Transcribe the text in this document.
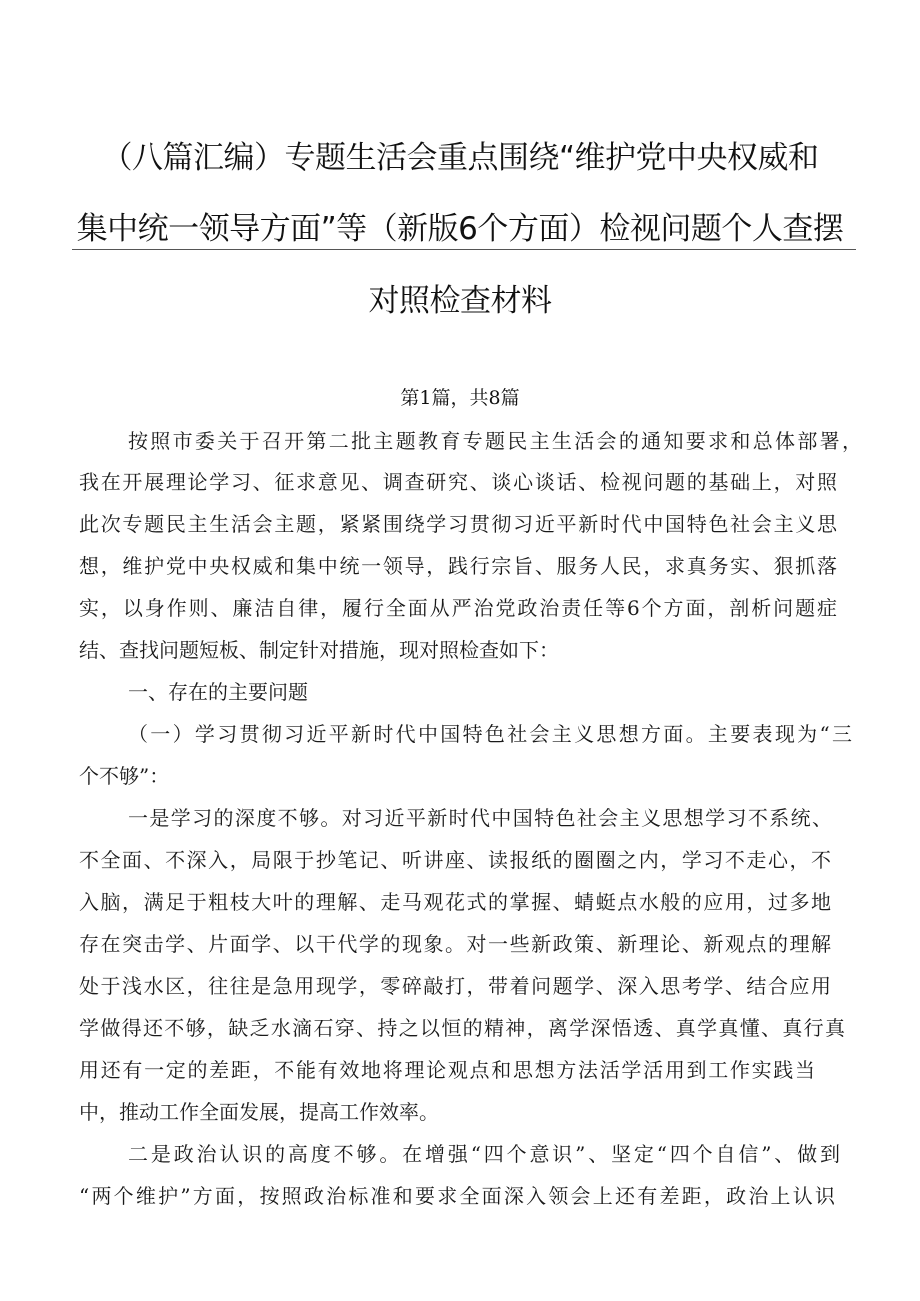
（八篇汇编）专题生活会重点围绕“维护党中央权威和
集中统一领导方面”等（新版6个方面）检视问题个人查摆
对照检查材料
第1篇，共8篇
按照市委关于召开第二批主题教育专题民主生活会的通知要求和总体部署，
我在开展理论学习、征求意见、调查研究、谈心谈话、检视问题的基础上，对照
此次专题民主生活会主题，紧紧围绕学习贯彻习近平新时代中国特色社会主义思
想，维护党中央权威和集中统一领导，践行宗旨、服务人民，求真务实、狠抓落
实，以身作则、廉洁自律，履行全面从严治党政治责任等6个方面，剖析问题症
结、查找问题短板、制定针对措施，现对照检查如下：
一、存在的主要问题
（一）学习贯彻习近平新时代中国特色社会主义思想方面。主要表现为“三
个不够”：
一是学习的深度不够。对习近平新时代中国特色社会主义思想学习不系统、
不全面、不深入，局限于抄笔记、听讲座、读报纸的圈圈之内，学习不走心，不
入脑，满足于粗枝大叶的理解、走马观花式的掌握、蜻蜓点水般的应用，过多地
存在突击学、片面学、以干代学的现象。对一些新政策、新理论、新观点的理解
处于浅水区，往往是急用现学，零碎敲打，带着问题学、深入思考学、结合应用
学做得还不够，缺乏水滴石穿、持之以恒的精神，离学深悟透、真学真懂、真行真
用还有一定的差距，不能有效地将理论观点和思想方法活学活用到工作实践当
中，推动工作全面发展，提高工作效率。
二是政治认识的高度不够。在增强“四个意识”、坚定“四个自信”、做到
“两个维护”方面，按照政治标准和要求全面深入领会上还有差距，政治上认识
